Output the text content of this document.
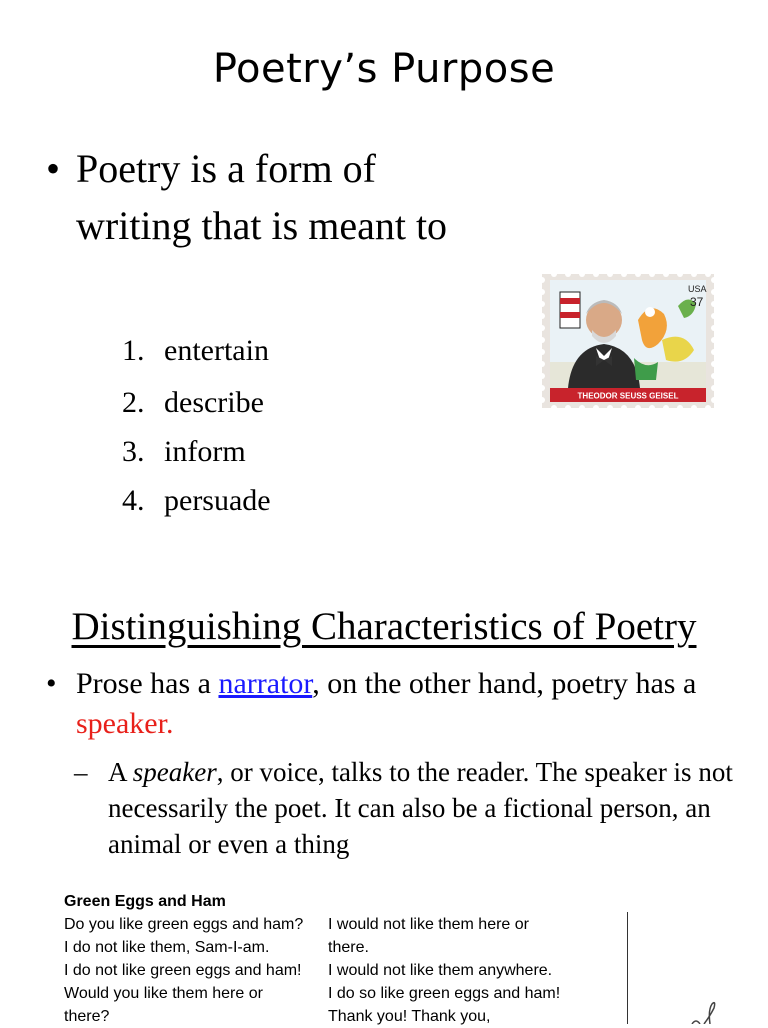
Poetry’s Purpose
• Poetry is a form of writing that is meant to
1. entertain
2. describe
3. inform
4. persuade
USA
37
THEODOR SEUSS GEISEL
Distinguishing Characteristics of Poetry
• Prose has a narrator, on the other hand, poetry has a speaker.
– A speaker, or voice, talks to the reader. The speaker is not necessarily the poet. It can also be a fictional person, an animal or even a thing
Green Eggs and Ham
Do you like green eggs and ham?
I do not like them, Sam-I-am.
I do not like green eggs and ham!
Would you like them here or
there?
I would not like them here or
there.
I would not like them anywhere.
I do so like green eggs and ham!
Thank you! Thank you,
